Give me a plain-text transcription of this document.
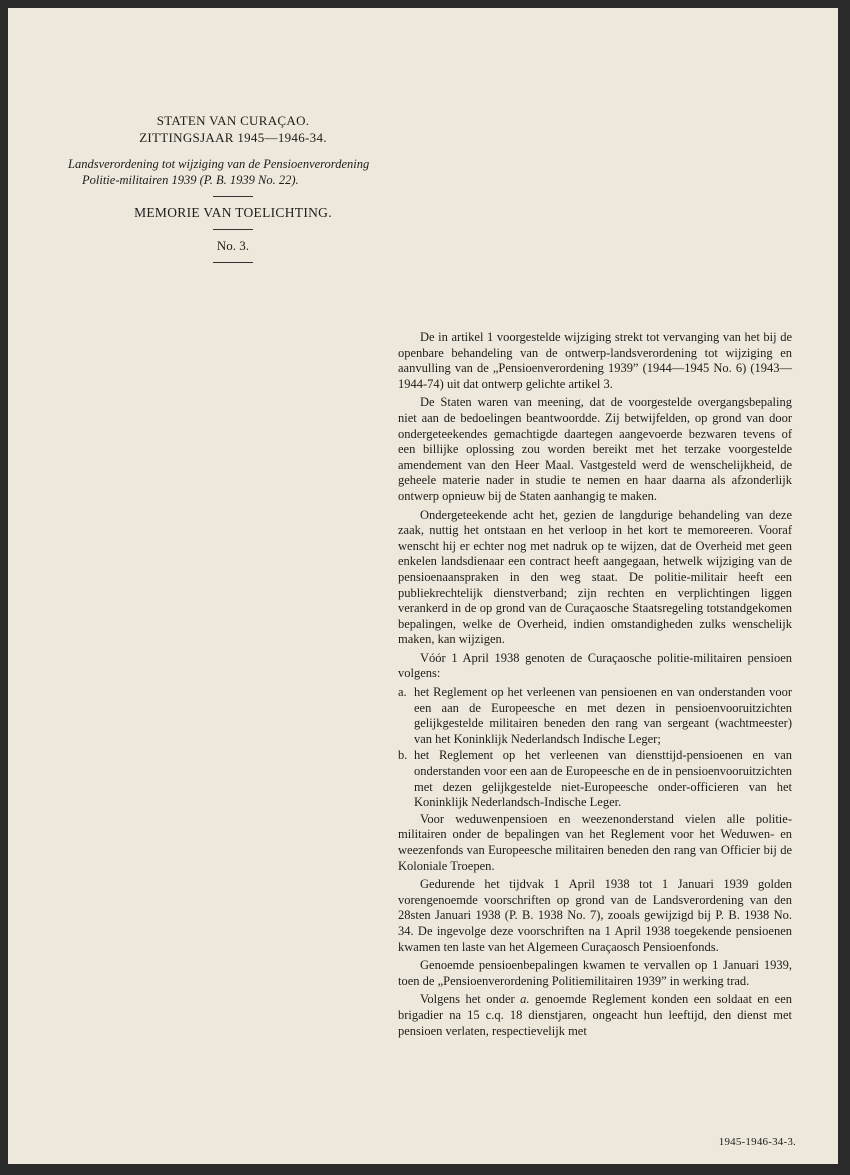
STATEN VAN CURAÇAO.
ZITTINGSJAAR 1945—1946-34.
Landsverordening tot wijziging van de Pensioenverordening Politie-militairen 1939 (P. B. 1939 No. 22).
MEMORIE VAN TOELICHTING.
No. 3.

De in artikel 1 voorgestelde wijziging strekt tot vervanging van het bij de openbare behandeling van de ontwerp-landsverordening tot wijziging en aanvulling van de „Pensioenverordening 1939” (1944—1945 No. 6) (1943—1944-74) uit dat ontwerp gelichte artikel 3.

De Staten waren van meening, dat de voorgestelde overgangsbepaling niet aan de bedoelingen beantwoordde. Zij betwijfelden, op grond van door ondergeteekendes gemachtigde daartegen aangevoerde bezwaren tevens of een billijke oplossing zou worden bereikt met het terzake voorgestelde amendement van den Heer Maal. Vastgesteld werd de wenschelijkheid, de geheele materie nader in studie te nemen en haar daarna als afzonderlijk ontwerp opnieuw bij de Staten aanhangig te maken.

Ondergeteekende acht het, gezien de langdurige behandeling van deze zaak, nuttig het ontstaan en het verloop in het kort te memoreeren. Vooraf wenscht hij er echter nog met nadruk op te wijzen, dat de Overheid met geen enkelen landsdienaar een contract heeft aangegaan, hetwelk wijziging van de pensioenaanspraken in den weg staat. De politie-militair heeft een publiekrechtelijk dienstverband; zijn rechten en verplichtingen liggen verankerd in de op grond van de Curaçaosche Staatsregeling totstandgekomen bepalingen, welke de Overheid, indien omstandigheden zulks wenschelijk maken, kan wijzigen.

Vóór 1 April 1938 genoten de Curaçaosche politie-militairen pensioen volgens:

a. het Reglement op het verleenen van pensioenen en van onderstanden voor een aan de Europeesche en met dezen in pensioenvooruitzichten gelijkgestelde militairen beneden den rang van sergeant (wachtmeester) van het Koninklijk Nederlandsch Indische Leger;
b. het Reglement op het verleenen van diensttijd-pensioenen en van onderstanden voor een aan de Europeesche en de in pensioenvooruitzichten met dezen gelijkgestelde niet-Europeesche onder-officieren van het Koninklijk Nederlandsch-Indische Leger.

Voor weduwenpensioen en weezenonderstand vielen alle politie-militairen onder de bepalingen van het Reglement voor het Weduwen- en weezenfonds van Europeesche militairen beneden den rang van Officier bij de Koloniale Troepen.

Gedurende het tijdvak 1 April 1938 tot 1 Januari 1939 golden vorengenoemde voorschriften op grond van de Landsverordening van den 28sten Januari 1938 (P. B. 1938 No. 7), zooals gewijzigd bij P. B. 1938 No. 34. De ingevolge deze voorschriften na 1 April 1938 toegekende pensioenen kwamen ten laste van het Algemeen Curaçaosch Pensioenfonds.

Genoemde pensioenbepalingen kwamen te vervallen op 1 Januari 1939, toen de „Pensioenverordening Politiemilitairen 1939” in werking trad.

Volgens het onder a. genoemde Reglement konden een soldaat en een brigadier na 15 c.q. 18 dienstjaren, ongeacht hun leeftijd, den dienst met pensioen verlaten, respectievelijk met

1945-1946-34-3.
